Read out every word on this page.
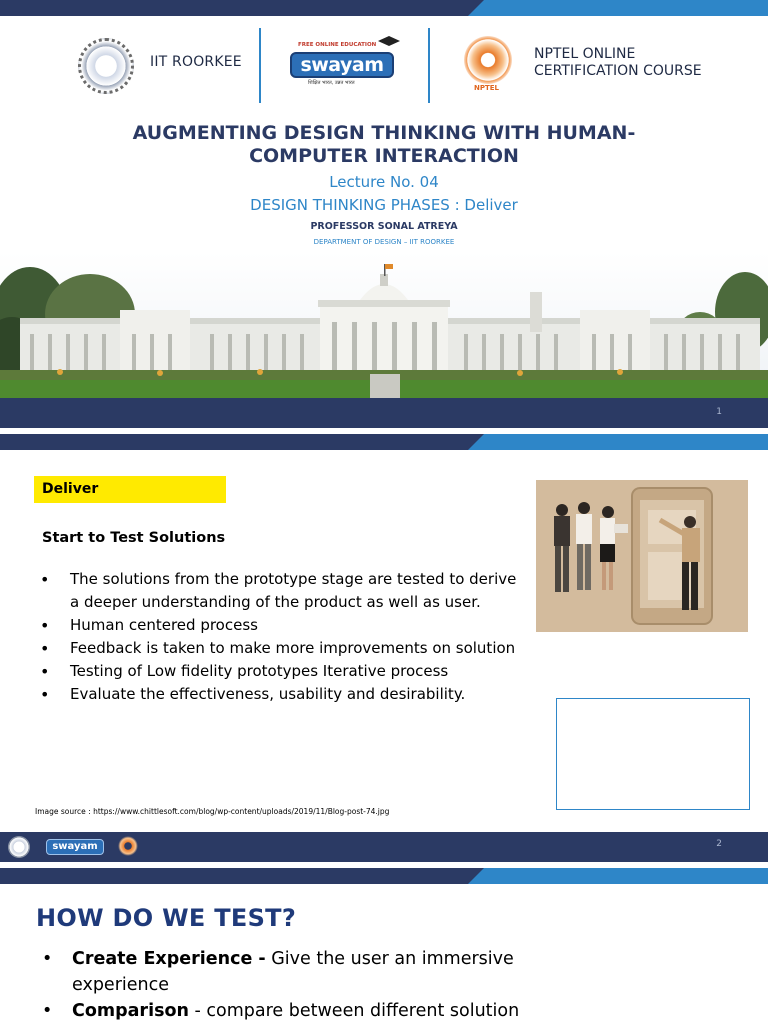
IIT ROORKEE
FREE ONLINE EDUCATION
swayam
शिक्षित भारत, उन्नत भारत
NPTEL
NPTEL ONLINE
CERTIFICATION COURSE
AUGMENTING DESIGN THINKING WITH HUMAN-
COMPUTER INTERACTION
Lecture No. 04
DESIGN THINKING PHASES : Deliver
PROFESSOR SONAL ATREYA
DEPARTMENT OF DESIGN – IIT ROORKEE
1
Deliver
Start to Test Solutions
• The solutions from the prototype stage are tested to derive a deeper understanding of the product as well as user.
• Human centered process
• Feedback is taken to make more improvements on solution
• Testing of Low fidelity prototypes Iterative process
• Evaluate the effectiveness, usability and desirability.
Image source : https://www.chittlesoft.com/blog/wp-content/uploads/2019/11/Blog-post-74.jpg
swayam	2
HOW DO WE TEST?
• Create Experience - Give the user an immersive experience
• Comparison - compare between different solution
